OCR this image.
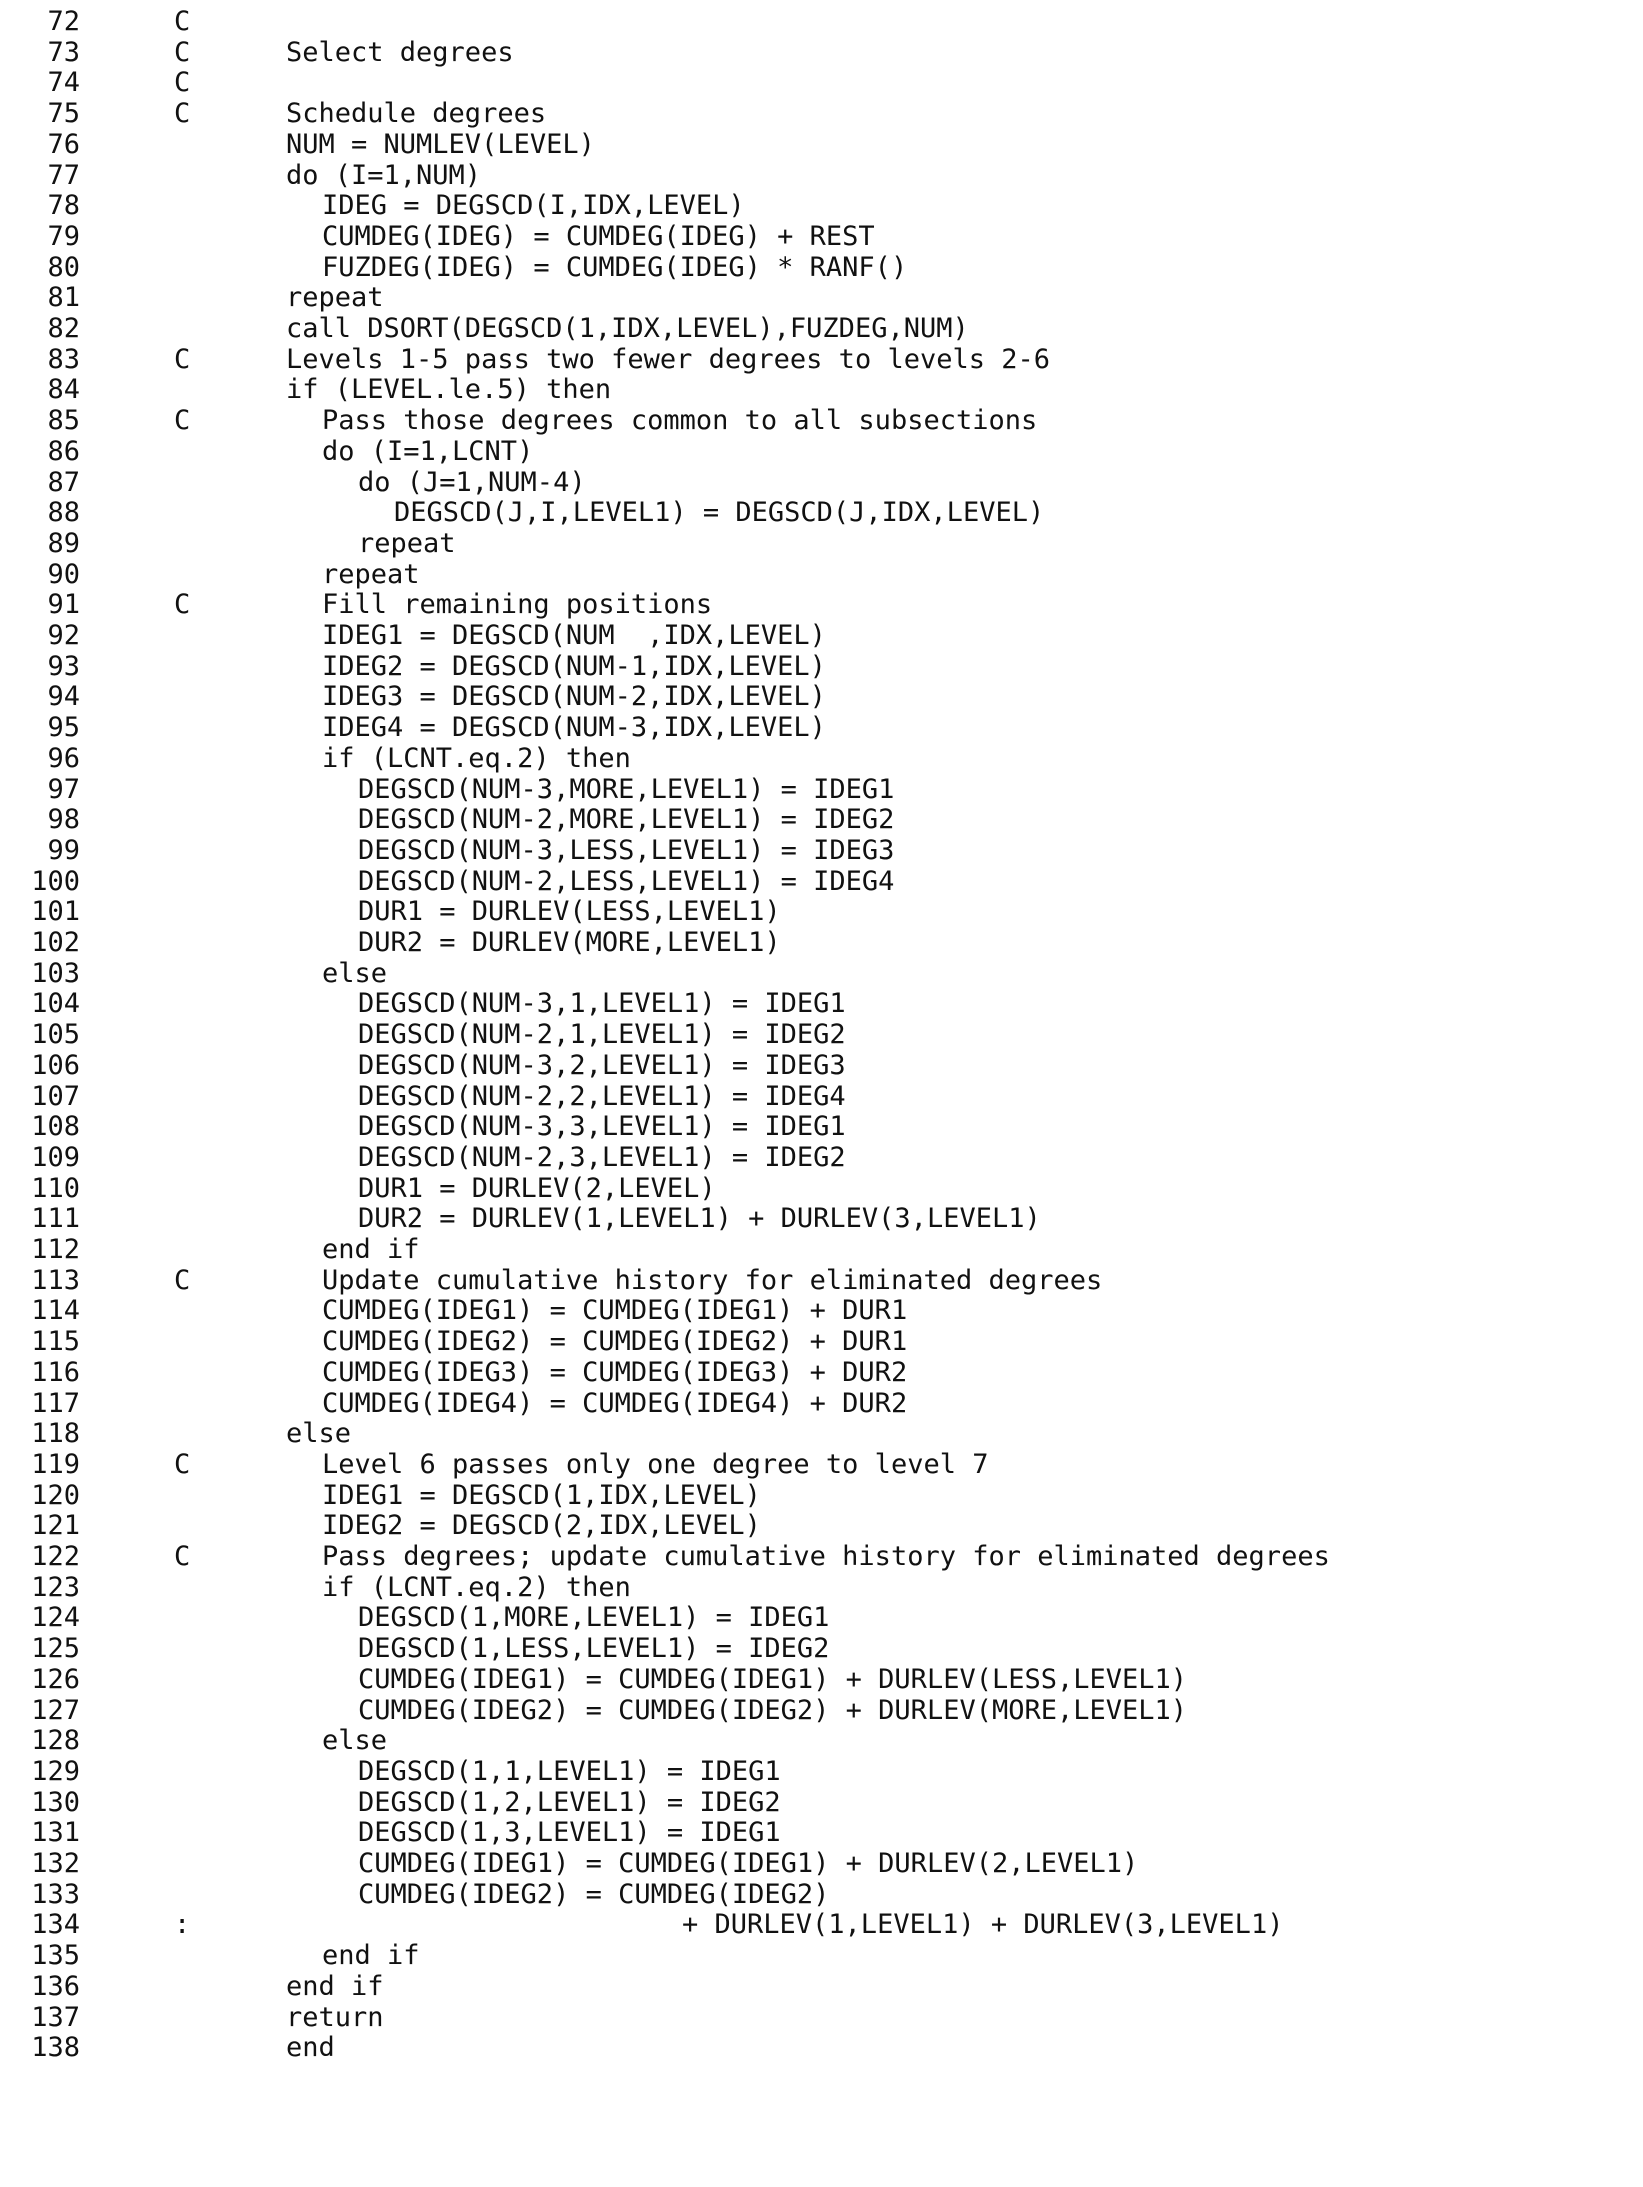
72	C
73	C	Select degrees
74	C
75	C	Schedule degrees
76	NUM = NUMLEV(LEVEL)
77	do (I=1,NUM)
78	IDEG = DEGSCD(I,IDX,LEVEL)
79	CUMDEG(IDEG) = CUMDEG(IDEG) + REST
80	FUZDEG(IDEG) = CUMDEG(IDEG) * RANF()
81	repeat
82	call DSORT(DEGSCD(1,IDX,LEVEL),FUZDEG,NUM)
83	C	Levels 1-5 pass two fewer degrees to levels 2-6
84	if (LEVEL.le.5) then
85	C	Pass those degrees common to all subsections
86	do (I=1,LCNT)
87	do (J=1,NUM-4)
88	DEGSCD(J,I,LEVEL1) = DEGSCD(J,IDX,LEVEL)
89	repeat
90	repeat
91	C	Fill remaining positions
92	IDEG1 = DEGSCD(NUM  ,IDX,LEVEL)
93	IDEG2 = DEGSCD(NUM-1,IDX,LEVEL)
94	IDEG3 = DEGSCD(NUM-2,IDX,LEVEL)
95	IDEG4 = DEGSCD(NUM-3,IDX,LEVEL)
96	if (LCNT.eq.2) then
97	DEGSCD(NUM-3,MORE,LEVEL1) = IDEG1
98	DEGSCD(NUM-2,MORE,LEVEL1) = IDEG2
99	DEGSCD(NUM-3,LESS,LEVEL1) = IDEG3
100	DEGSCD(NUM-2,LESS,LEVEL1) = IDEG4
101	DUR1 = DURLEV(LESS,LEVEL1)
102	DUR2 = DURLEV(MORE,LEVEL1)
103	else
104	DEGSCD(NUM-3,1,LEVEL1) = IDEG1
105	DEGSCD(NUM-2,1,LEVEL1) = IDEG2
106	DEGSCD(NUM-3,2,LEVEL1) = IDEG3
107	DEGSCD(NUM-2,2,LEVEL1) = IDEG4
108	DEGSCD(NUM-3,3,LEVEL1) = IDEG1
109	DEGSCD(NUM-2,3,LEVEL1) = IDEG2
110	DUR1 = DURLEV(2,LEVEL)
111	DUR2 = DURLEV(1,LEVEL1) + DURLEV(3,LEVEL1)
112	end if
113	C	Update cumulative history for eliminated degrees
114	CUMDEG(IDEG1) = CUMDEG(IDEG1) + DUR1
115	CUMDEG(IDEG2) = CUMDEG(IDEG2) + DUR1
116	CUMDEG(IDEG3) = CUMDEG(IDEG3) + DUR2
117	CUMDEG(IDEG4) = CUMDEG(IDEG4) + DUR2
118	else
119	C	Level 6 passes only one degree to level 7
120	IDEG1 = DEGSCD(1,IDX,LEVEL)
121	IDEG2 = DEGSCD(2,IDX,LEVEL)
122	C	Pass degrees; update cumulative history for eliminated degrees
123	if (LCNT.eq.2) then
124	DEGSCD(1,MORE,LEVEL1) = IDEG1
125	DEGSCD(1,LESS,LEVEL1) = IDEG2
126	CUMDEG(IDEG1) = CUMDEG(IDEG1) + DURLEV(LESS,LEVEL1)
127	CUMDEG(IDEG2) = CUMDEG(IDEG2) + DURLEV(MORE,LEVEL1)
128	else
129	DEGSCD(1,1,LEVEL1) = IDEG1
130	DEGSCD(1,2,LEVEL1) = IDEG2
131	DEGSCD(1,3,LEVEL1) = IDEG1
132	CUMDEG(IDEG1) = CUMDEG(IDEG1) + DURLEV(2,LEVEL1)
133	CUMDEG(IDEG2) = CUMDEG(IDEG2)
134	:	+ DURLEV(1,LEVEL1) + DURLEV(3,LEVEL1)
135	end if
136	end if
137	return
138	end
